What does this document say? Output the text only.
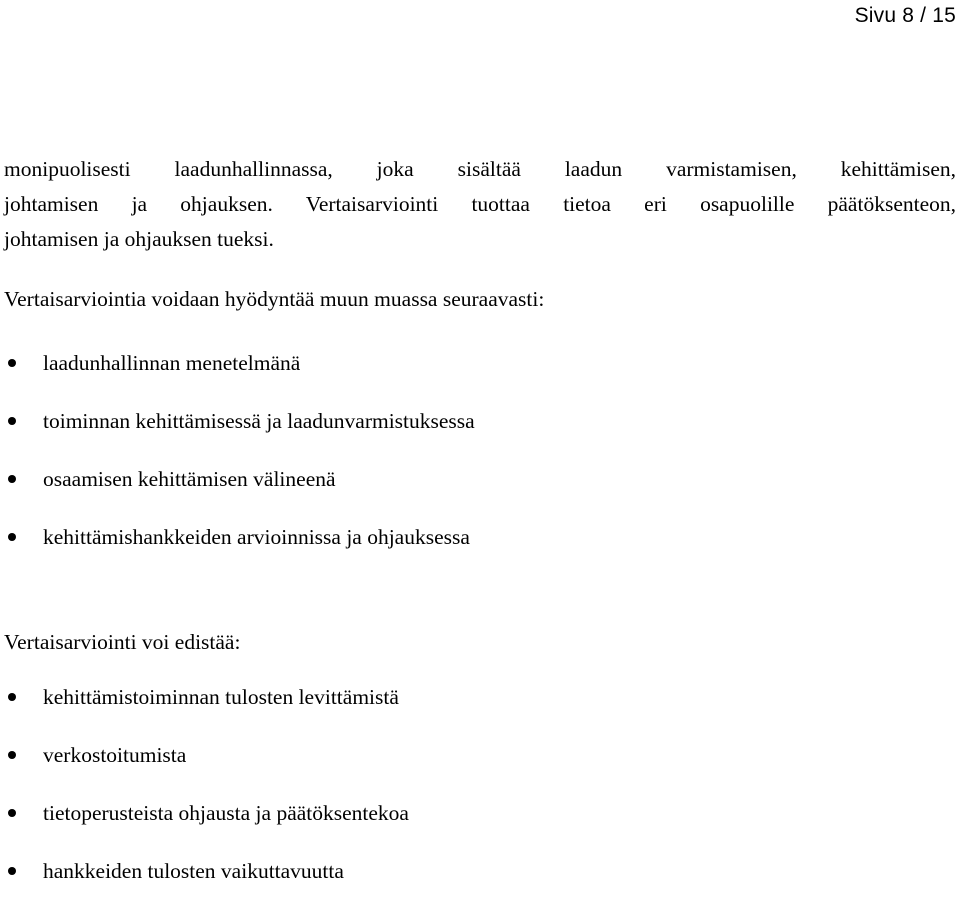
Sivu 8 / 15
monipuolisesti laadunhallinnassa, joka sisältää laadun varmistamisen, kehittämisen,
johtamisen ja ohjauksen. Vertaisarviointi tuottaa tietoa eri osapuolille päätöksenteon,
johtamisen ja ohjauksen tueksi.

Vertaisarviointia voidaan hyödyntää muun muassa seuraavasti:

laadunhallinnan menetelmänä
toiminnan kehittämisessä ja laadunvarmistuksessa
osaamisen kehittämisen välineenä
kehittämishankkeiden arvioinnissa ja ohjauksessa

Vertaisarviointi voi edistää:

kehittämistoiminnan tulosten levittämistä
verkostoitumista
tietoperusteista ohjausta ja päätöksentekoa
hankkeiden tulosten vaikuttavuutta
